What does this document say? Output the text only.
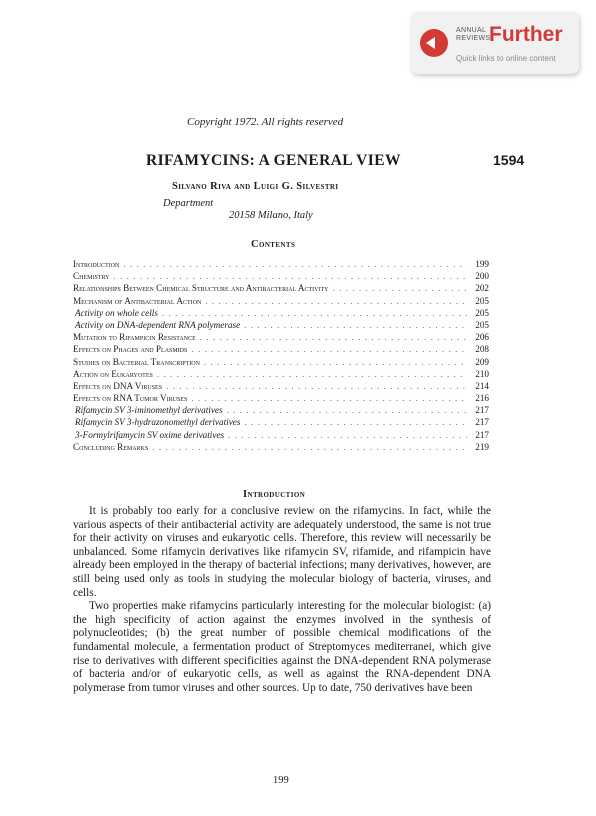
ANNUAL
REVIEWS
Further
Quick links to online content
Copyright 1972. All rights reserved
RIFAMYCINS: A GENERAL VIEW	1594
Silvano Riva and Luigi G. Silvestri
Department
20158 Milano, Italy
Contents
Introduction . . .	199
Chemistry . . .	200
Relationships Between Chemical Structure and Antibacterial Activity . . .	202
Mechanism of Antibacterial Action . . .	205
Activity on whole cells . . .	205
Activity on DNA-dependent RNA polymerase . . .	205
Mutation to Rifampicin Resistance . . .	206
Effects on Phages and Plasmids . . .	208
Studies on Bacterial Transcription . . .	209
Action on Eukaryotes . . .	210
Effects on DNA Viruses . . .	214
Effects on RNA Tumor Viruses . . .	216
Rifamycin SV 3-iminomethyl derivatives . . .	217
Rifamycin SV 3-hydrazonomethyl derivatives . . .	217
3-Formylrifamycin SV oxime derivatives . . .	217
Concluding Remarks . . .	219
Introduction

It is probably too early for a conclusive review on the rifamycins. In fact, while the various aspects of their antibacterial activity are adequately understood, the same is not true for their activity on viruses and eukaryotic cells. Therefore, this review will necessarily be unbalanced. Some rifamycin derivatives like rifamycin SV, rifamide, and rifampicin have already been employed in the therapy of bacterial infections; many derivatives, however, are still being used only as tools in studying the molecular biology of bacteria, viruses, and cells.

Two properties make rifamycins particularly interesting for the molecular biologist: (a) the high specificity of action against the enzymes involved in the synthesis of polynucleotides; (b) the great number of possible chemical modifications of the fundamental molecule, a fermentation product of Streptomyces mediterranei, which give rise to derivatives with different specificities against the DNA-dependent RNA polymerase of bacteria and/or of eukaryotic cells, as well as against the RNA-dependent DNA polymerase from tumor viruses and other sources. Up to date, 750 derivatives have been

199
